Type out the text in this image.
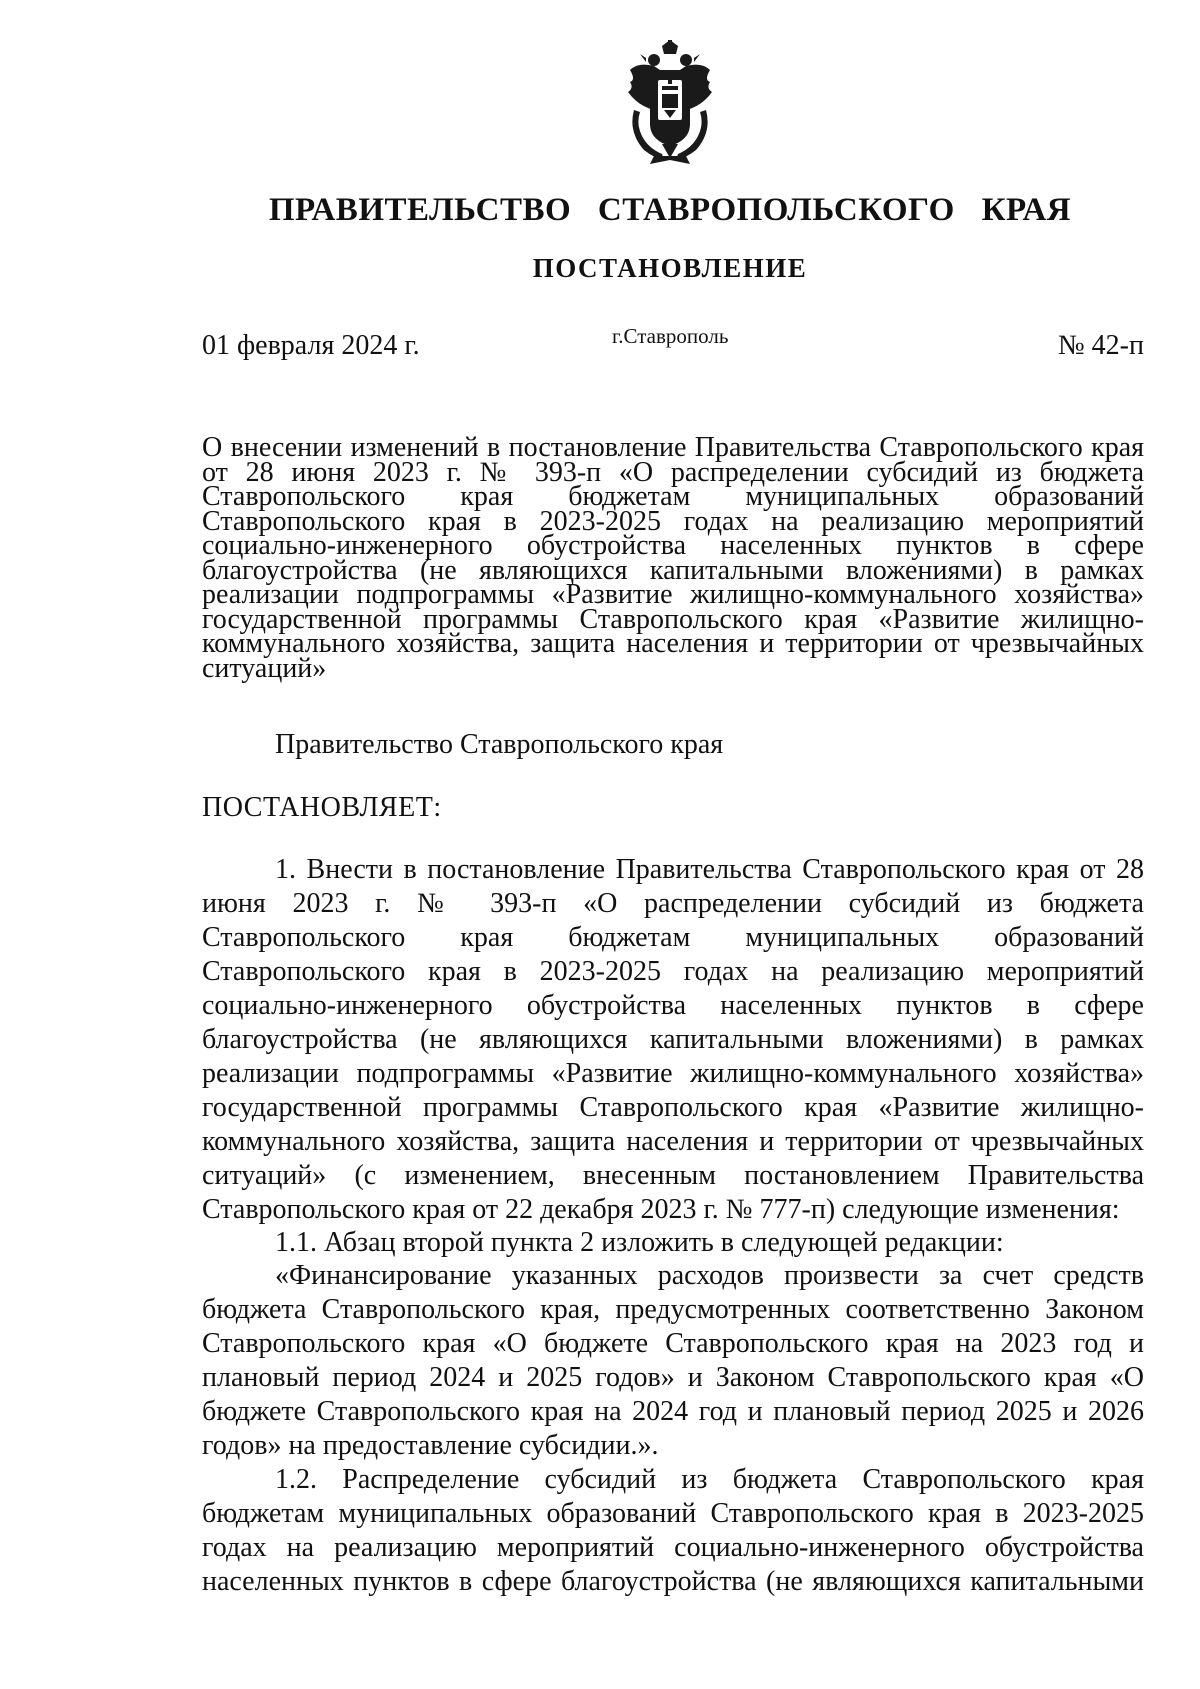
ПРАВИТЕЛЬСТВО СТАВРОПОЛЬСКОГО КРАЯ
ПОСТАНОВЛЕНИЕ
01 февраля 2024 г.	г.Ставрополь	№ 42-п

О внесении изменений в постановление Правительства Ставропольского края от 28 июня 2023 г. № 393-п «О распределении субсидий из бюджета Ставропольского края бюджетам муниципальных образований Ставропольского края в 2023-2025 годах на реализацию мероприятий социально-инженерного обустройства населенных пунктов в сфере благоустройства (не являющихся капитальными вложениями) в рамках реализации подпрограммы «Развитие жилищно-коммунального хозяйства» государственной программы Ставропольского края «Развитие жилищно-коммунального хозяйства, защита населения и территории от чрезвычайных ситуаций»

Правительство Ставропольского края
ПОСТАНОВЛЯЕТ:

1. Внести в постановление Правительства Ставропольского края от 28 июня 2023 г. № 393-п «О распределении субсидий из бюджета Ставропольского края бюджетам муниципальных образований Ставропольского края в 2023-2025 годах на реализацию мероприятий социально-инженерного обустройства населенных пунктов в сфере благоустройства (не являющихся капитальными вложениями) в рамках реализации подпрограммы «Развитие жилищно-коммунального хозяйства» государственной программы Ставропольского края «Развитие жилищно-коммунального хозяйства, защита населения и территории от чрезвычайных ситуаций» (с изменением, внесенным постановлением Правительства Ставропольского края от 22 декабря 2023 г. № 777-п) следующие изменения:

1.1. Абзац второй пункта 2 изложить в следующей редакции:

«Финансирование указанных расходов произвести за счет средств бюджета Ставропольского края, предусмотренных соответственно Законом Ставропольского края «О бюджете Ставропольского края на 2023 год и плановый период 2024 и 2025 годов» и Законом Ставропольского края «О бюджете Ставропольского края на 2024 год и плановый период 2025 и 2026 годов» на предоставление субсидии.».

1.2. Распределение субсидий из бюджета Ставропольского края бюджетам муниципальных образований Ставропольского края в 2023-2025 годах на реализацию мероприятий социально-инженерного обустройства населенных пунктов в сфере благоустройства (не являющихся капитальными
